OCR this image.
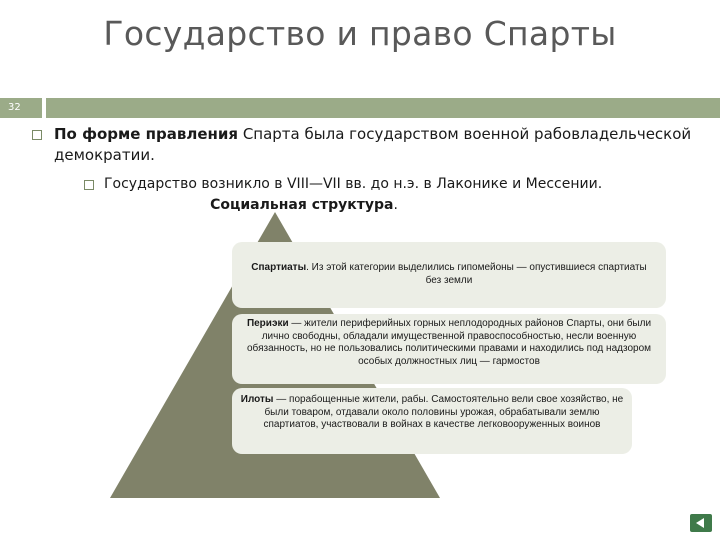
Государство и право Спарты
32
По форме правления Спарта была государством военной рабовладельческой демократии.
Государство возникло в VIII—VII вв. до н.э. в Лаконике и Мессении.
Социальная структура.
Спартиаты. Из этой категории выделились гипомейоны — опустившиеся спартиаты без земли
Периэки — жители периферийных горных неплодородных районов Спарты, они были лично свободны, обладали имущественной правоспособностью, несли военную обязанность, но не пользовались политическими правами и находились под надзором особых должностных лиц — гармостов
Илоты — порабощенные жители, рабы. Самостоятельно вели свое хозяйство, не были товаром, отдавали около половины урожая, обрабатывали землю спартиатов, участвовали в войнах в качестве легковооруженных воинов
